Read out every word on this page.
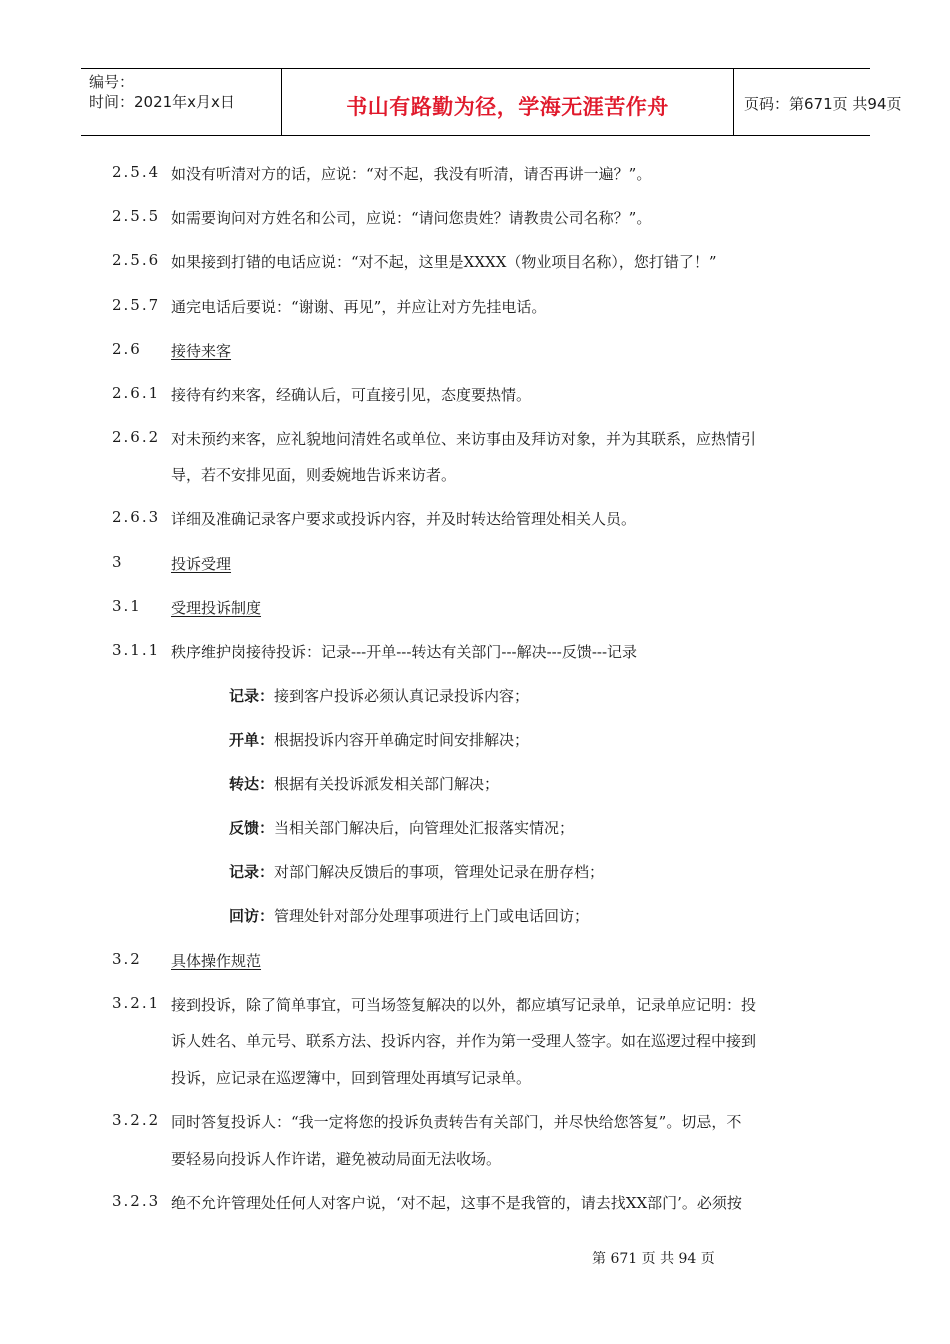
编号：
时间：2021年x月x日	书山有路勤为径，学海无涯苦作舟	页码：第671页 共94页
2.5.4 如没有听清对方的话，应说：“对不起，我没有听清，请否再讲一遍？”。
2.5.5 如需要询问对方姓名和公司，应说：“请问您贵姓？请教贵公司名称？”。
2.5.6 如果接到打错的电话应说：“对不起，这里是XXXX（物业项目名称），您打错了！”
2.5.7 通完电话后要说：“谢谢、再见”，并应让对方先挂电话。
2.6 接待来客
2.6.1 接待有约来客，经确认后，可直接引见，态度要热情。
2.6.2 对未预约来客，应礼貌地问清姓名或单位、来访事由及拜访对象，并为其联系，应热情引
导，若不安排见面，则委婉地告诉来访者。
2.6.3 详细及准确记录客户要求或投诉内容，并及时转达给管理处相关人员。
3	投诉受理
3.1 受理投诉制度
3.1.1 秩序维护岗接待投诉：记录---开单---转达有关部门---解决---反馈---记录
记录：接到客户投诉必须认真记录投诉内容；
开单：根据投诉内容开单确定时间安排解决；
转达：根据有关投诉派发相关部门解决；
反馈：当相关部门解决后，向管理处汇报落实情况；
记录：对部门解决反馈后的事项，管理处记录在册存档；
回访：管理处针对部分处理事项进行上门或电话回访；
3.2 具体操作规范
3.2.1 接到投诉，除了简单事宜，可当场签复解决的以外，都应填写记录单，记录单应记明：投
诉人姓名、单元号、联系方法、投诉内容，并作为第一受理人签字。如在巡逻过程中接到
投诉，应记录在巡逻簿中，回到管理处再填写记录单。
3.2.2 同时答复投诉人：“我一定将您的投诉负责转告有关部门，并尽快给您答复”。切忌，不
要轻易向投诉人作许诺，避免被动局面无法收场。
3.2.3 绝不允许管理处任何人对客户说，‘对不起，这事不是我管的，请去找XX部门’。必须按
第 671 页 共 94 页
